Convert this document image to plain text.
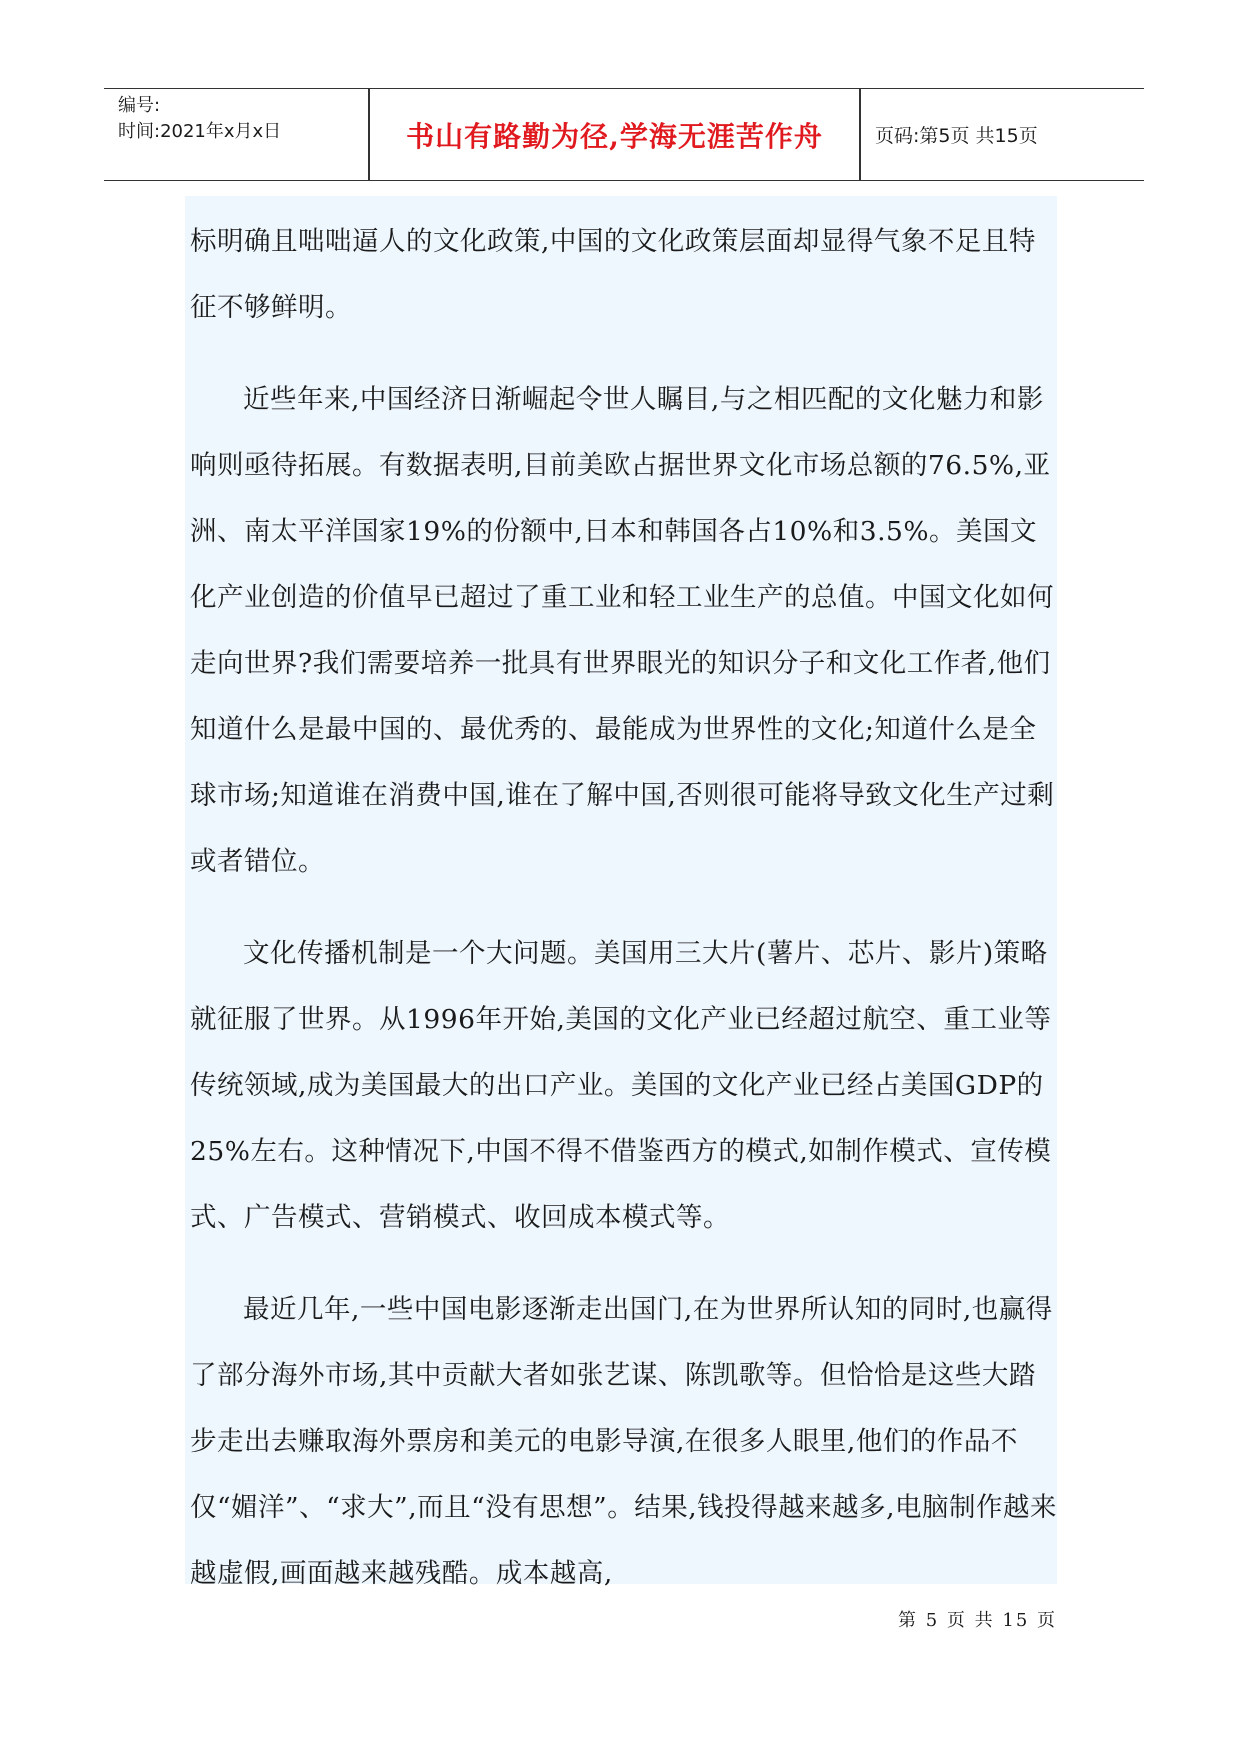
编号:
时间:2021年x月x日	书山有路勤为径,学海无涯苦作舟	页码:第5页 共15页

标明确且咄咄逼人的文化政策,中国的文化政策层面却显得气象不足且特征不够鲜明。

近些年来,中国经济日渐崛起令世人瞩目,与之相匹配的文化魅力和影响则亟待拓展。有数据表明,目前美欧占据世界文化市场总额的76.5%,亚洲、南太平洋国家19%的份额中,日本和韩国各占10%和3.5%。美国文化产业创造的价值早已超过了重工业和轻工业生产的总值。中国文化如何走向世界?我们需要培养一批具有世界眼光的知识分子和文化工作者,他们知道什么是最中国的、最优秀的、最能成为世界性的文化;知道什么是全球市场;知道谁在消费中国,谁在了解中国,否则很可能将导致文化生产过剩或者错位。

文化传播机制是一个大问题。美国用三大片(薯片、芯片、影片)策略就征服了世界。从1996年开始,美国的文化产业已经超过航空、重工业等传统领域,成为美国最大的出口产业。美国的文化产业已经占美国GDP的25%左右。这种情况下,中国不得不借鉴西方的模式,如制作模式、宣传模式、广告模式、营销模式、收回成本模式等。

最近几年,一些中国电影逐渐走出国门,在为世界所认知的同时,也赢得了部分海外市场,其中贡献大者如张艺谋、陈凯歌等。但恰恰是这些大踏步走出去赚取海外票房和美元的电影导演,在很多人眼里,他们的作品不仅“媚洋”、“求大”,而且“没有思想”。结果,钱投得越来越多,电脑制作越来越虚假,画面越来越残酷。成本越高,

第 5 页 共 15 页
